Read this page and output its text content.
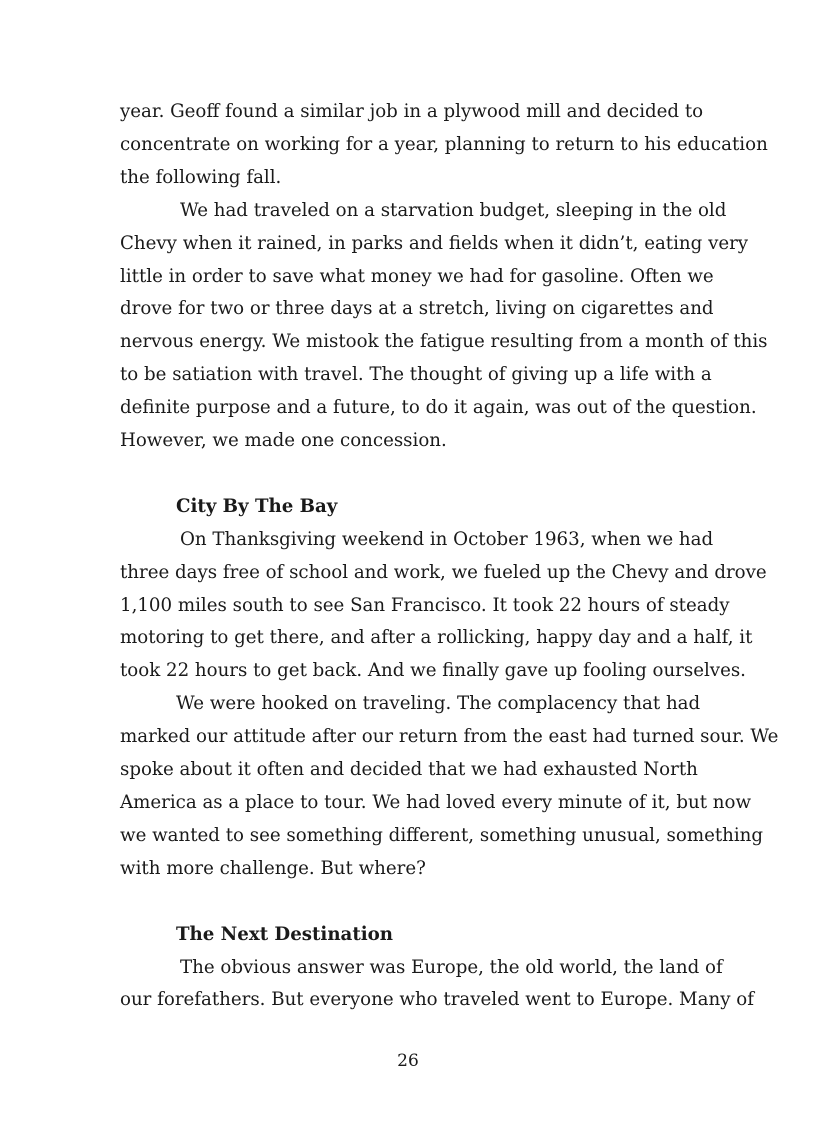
year. Geoff found a similar job in a plywood mill and decided to
concentrate on working for a year, planning to return to his education
the following fall.
We had traveled on a starvation budget, sleeping in the old
Chevy when it rained, in parks and fields when it didn’t, eating very
little in order to save what money we had for gasoline. Often we
drove for two or three days at a stretch, living on cigarettes and
nervous energy. We mistook the fatigue resulting from a month of this
to be satiation with travel. The thought of giving up a life with a
definite purpose and a future, to do it again, was out of the question.
However, we made one concession.
City By The Bay
On Thanksgiving weekend in October 1963, when we had
three days free of school and work, we fueled up the Chevy and drove
1,100 miles south to see San Francisco. It took 22 hours of steady
motoring to get there, and after a rollicking, happy day and a half, it
took 22 hours to get back. And we finally gave up fooling ourselves.
We were hooked on traveling. The complacency that had
marked our attitude after our return from the east had turned sour. We
spoke about it often and decided that we had exhausted North
America as a place to tour. We had loved every minute of it, but now
we wanted to see something different, something unusual, something
with more challenge. But where?
The Next Destination
The obvious answer was Europe, the old world, the land of
our forefathers. But everyone who traveled went to Europe. Many of
26
